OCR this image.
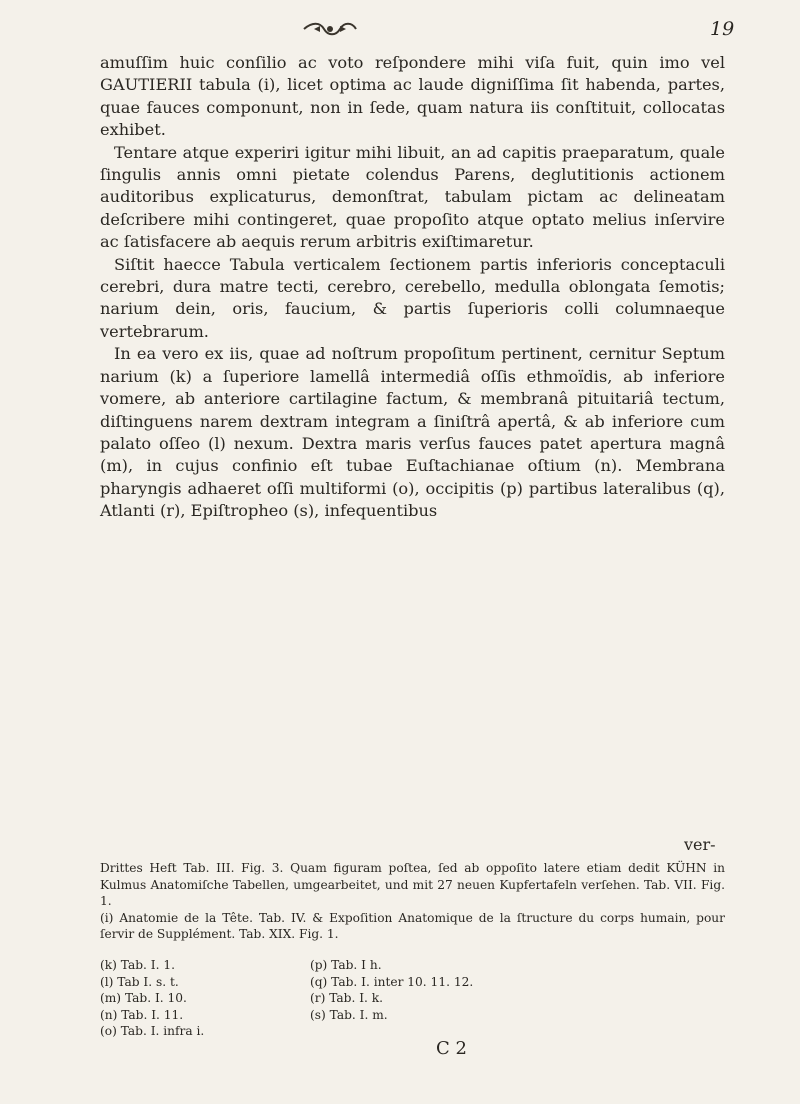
19

amuſſim huic conſilio ac voto reſpondere mihi viſa fuit, quin imo vel GAUTIERII tabula (i), licet optima ac laude digniſſima ſit habenda, partes, quae fauces componunt, non in ſede, quam natura iis conſtituit, collocatas exhibet.

Tentare atque experiri igitur mihi libuit, an ad capitis praeparatum, quale ſingulis annis omni pietate colendus Parens, deglutitionis actionem auditoribus explicaturus, demonſtrat, tabulam pictam ac delineatam deſcribere mihi contingeret, quae propoſito atque optato melius inſervire ac ſatisfacere ab aequis rerum arbitris exiſtimaretur.

Siſtit haecce Tabula verticalem ſectionem partis inferioris conceptaculi cerebri, dura matre tecti, cerebro, cerebello, medulla oblongata ſemotis; narium dein, oris, faucium, & partis ſuperioris colli columnaeque vertebrarum.

In ea vero ex iis, quae ad noſtrum propoſitum pertinent, cernitur Septum narium (k) a ſuperiore lamellâ intermediâ oſſis ethmoïdis, ab inferiore vomere, ab anteriore cartilagine factum, & membranâ pituitariâ tectum, diſtinguens narem dextram integram a ſiniſtrâ apertâ, & ab inferiore cum palato oſſeo (l) nexum. Dextra maris verſus fauces patet apertura magnâ (m), in cujus confinio eſt tubae Euſtachianae oſtium (n). Membrana pharyngis adhaeret oſſi multiformi (o), occipitis (p) partibus lateralibus (q), Atlanti (r), Epiſtropheo (s), infequentibus

ver-

Drittes Heft Tab. III. Fig. 3. Quam figuram poſtea, ſed ab oppoſito latere etiam dedit KÜHN in Kulmus Anatomiſche Tabellen, umgearbeitet, und mit 27 neuen Kupfertafeln verſehen. Tab. VII. Fig. 1.

(i) Anatomie de la Tête. Tab. IV. & Expoſition Anatomique de la ſtructure du corps humain, pour ſervir de Supplément. Tab. XIX. Fig. 1.

(k) Tab. I. 1.
(l) Tab I. s. t.
(m) Tab. I. 10.
(n) Tab. I. 11.
(o) Tab. I. infra i.
(p) Tab. I h.
(q) Tab. I. inter 10. 11. 12.
(r) Tab. I. k.
(s) Tab. I. m.
C 2
